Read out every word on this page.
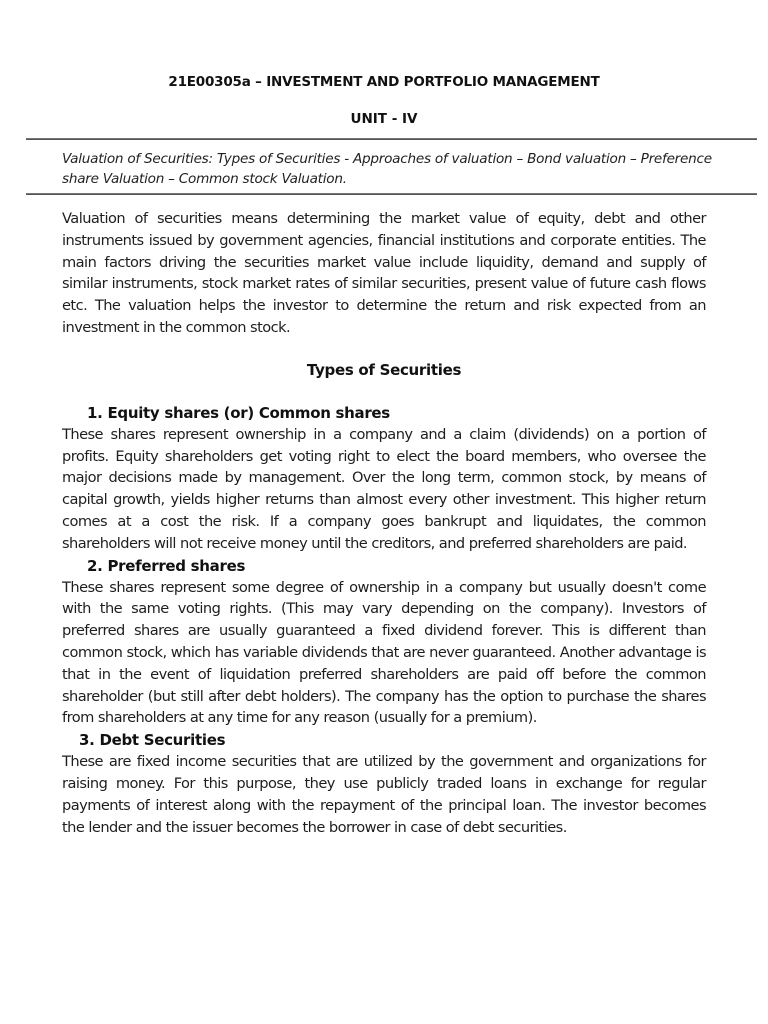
21E00305a – INVESTMENT AND PORTFOLIO MANAGEMENT
UNIT - IV
Valuation of Securities: Types of Securities - Approaches of valuation – Bond valuation – Preference share Valuation – Common stock Valuation.

Valuation of securities means determining the market value of equity, debt and other instruments issued by government agencies, financial institutions and corporate entities. The main factors driving the securities market value include liquidity, demand and supply of similar instruments, stock market rates of similar securities, present value of future cash flows etc. The valuation helps the investor to determine the return and risk expected from an investment in the common stock.

Types of Securities
1. Equity shares (or) Common shares

These shares represent ownership in a company and a claim (dividends) on a portion of profits. Equity shareholders get voting right to elect the board members, who oversee the major decisions made by management. Over the long term, common stock, by means of capital growth, yields higher returns than almost every other investment. This higher return comes at a cost the risk. If a company goes bankrupt and liquidates, the common shareholders will not receive money until the creditors, and preferred shareholders are paid.

2. Preferred shares

These shares represent some degree of ownership in a company but usually doesn't come with the same voting rights. (This may vary depending on the company). Investors of preferred shares are usually guaranteed a fixed dividend forever. This is different than common stock, which has variable dividends that are never guaranteed. Another advantage is that in the event of liquidation preferred shareholders are paid off before the common shareholder (but still after debt holders). The company has the option to purchase the shares from shareholders at any time for any reason (usually for a premium).

3. Debt Securities

These are fixed income securities that are utilized by the government and organizations for raising money. For this purpose, they use publicly traded loans in exchange for regular payments of interest along with the repayment of the principal loan. The investor becomes the lender and the issuer becomes the borrower in case of debt securities.
